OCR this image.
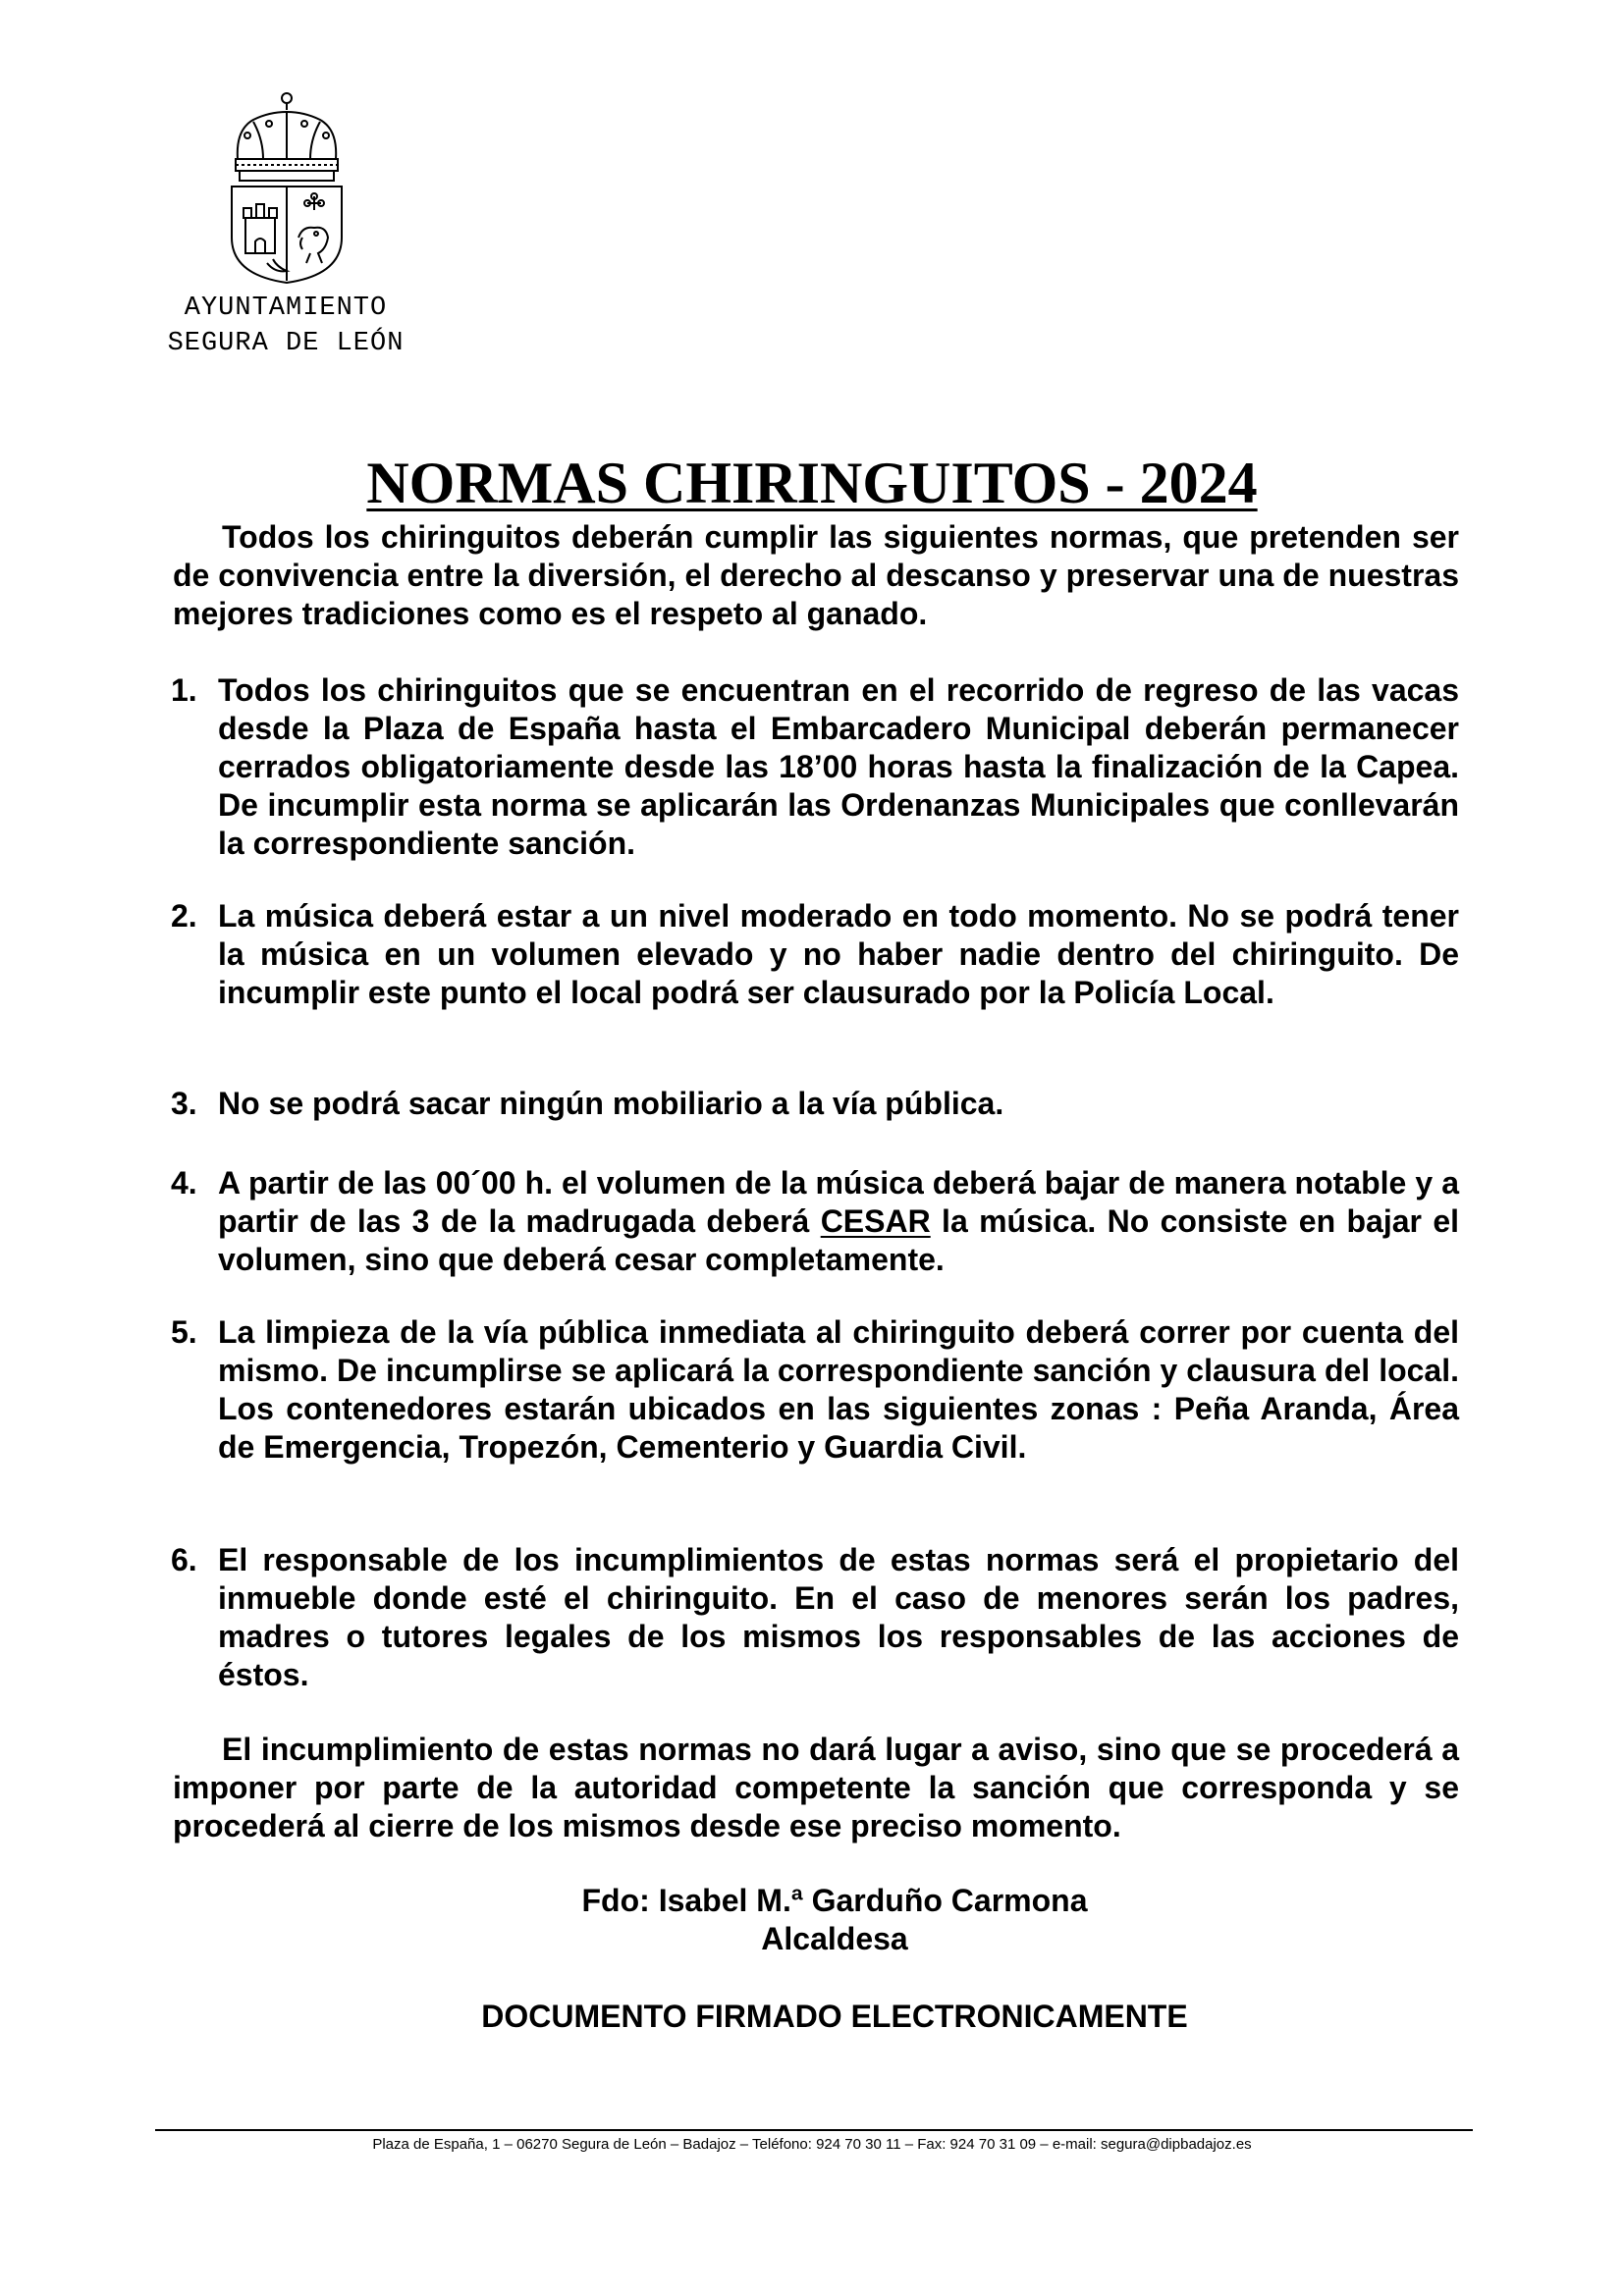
AYUNTAMIENTO
SEGURA DE LEÓN
NORMAS CHIRINGUITOS - 2024

Todos los chiringuitos deberán cumplir las siguientes normas, que pretenden ser de convivencia entre la diversión, el derecho al descanso y preservar una de nuestras mejores tradiciones como es el respeto al ganado.

1. Todos los chiringuitos que se encuentran en el recorrido de regreso de las vacas desde la Plaza de España hasta el Embarcadero Municipal deberán permanecer cerrados obligatoriamente desde las 18’00 horas hasta la finalización de la Capea. De incumplir esta norma se aplicarán las Ordenanzas Municipales que conllevarán la correspondiente sanción.
2. La música deberá estar a un nivel moderado en todo momento. No se podrá tener la música en un volumen elevado y no haber nadie dentro del chiringuito. De incumplir este punto el local podrá ser clausurado por la Policía Local.
3. No se podrá sacar ningún mobiliario a la vía pública.
4. A partir de las 00´00 h. el volumen de la música deberá bajar de manera notable y a partir de las 3 de la madrugada deberá CESAR la música. No consiste en bajar el volumen, sino que deberá cesar completamente.
5. La limpieza de la vía pública inmediata al chiringuito deberá correr por cuenta del mismo. De incumplirse se aplicará la correspondiente sanción y clausura del local. Los contenedores estarán ubicados en las siguientes zonas : Peña Aranda, Área de Emergencia, Tropezón, Cementerio y Guardia Civil.
6. El responsable de los incumplimientos de estas normas será el propietario del inmueble donde esté el chiringuito. En el caso de menores serán los padres, madres o tutores legales de los mismos los responsables de las acciones de éstos.

El incumplimiento de estas normas no dará lugar a aviso, sino que se procederá a imponer por parte de la autoridad competente la sanción que corresponda y se procederá al cierre de los mismos desde ese preciso momento.

Fdo: Isabel M.ª Garduño Carmona
Alcaldesa
DOCUMENTO FIRMADO ELECTRONICAMENTE
Plaza de España, 1 – 06270 Segura de León – Badajoz – Teléfono: 924 70 30 11 – Fax: 924 70 31 09 – e-mail: segura@dipbadajoz.es
